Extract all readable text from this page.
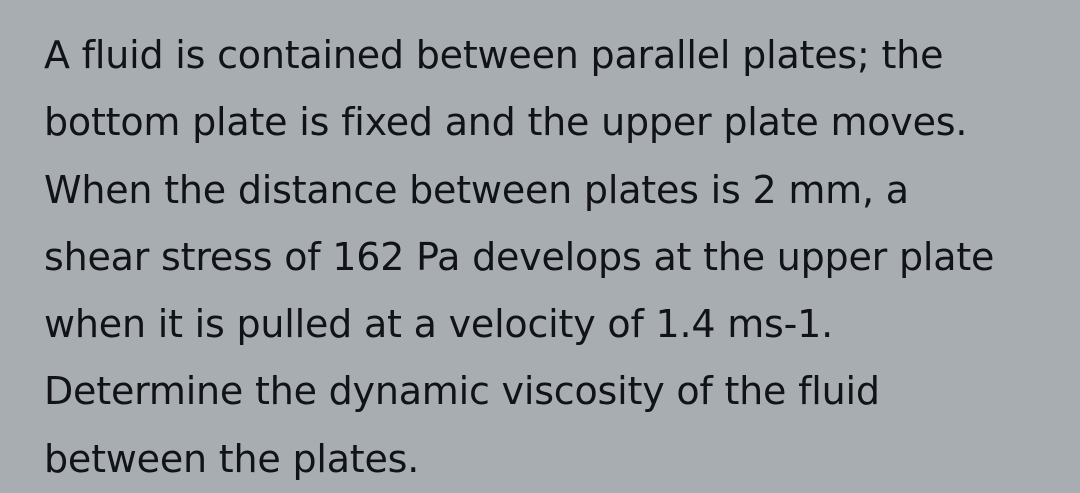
A fluid is contained between parallel plates; the
bottom plate is fixed and the upper plate moves.
When the distance between plates is 2 mm, a
shear stress of 162 Pa develops at the upper plate
when it is pulled at a velocity of 1.4 ms-1.
Determine the dynamic viscosity of the fluid
between the plates.
